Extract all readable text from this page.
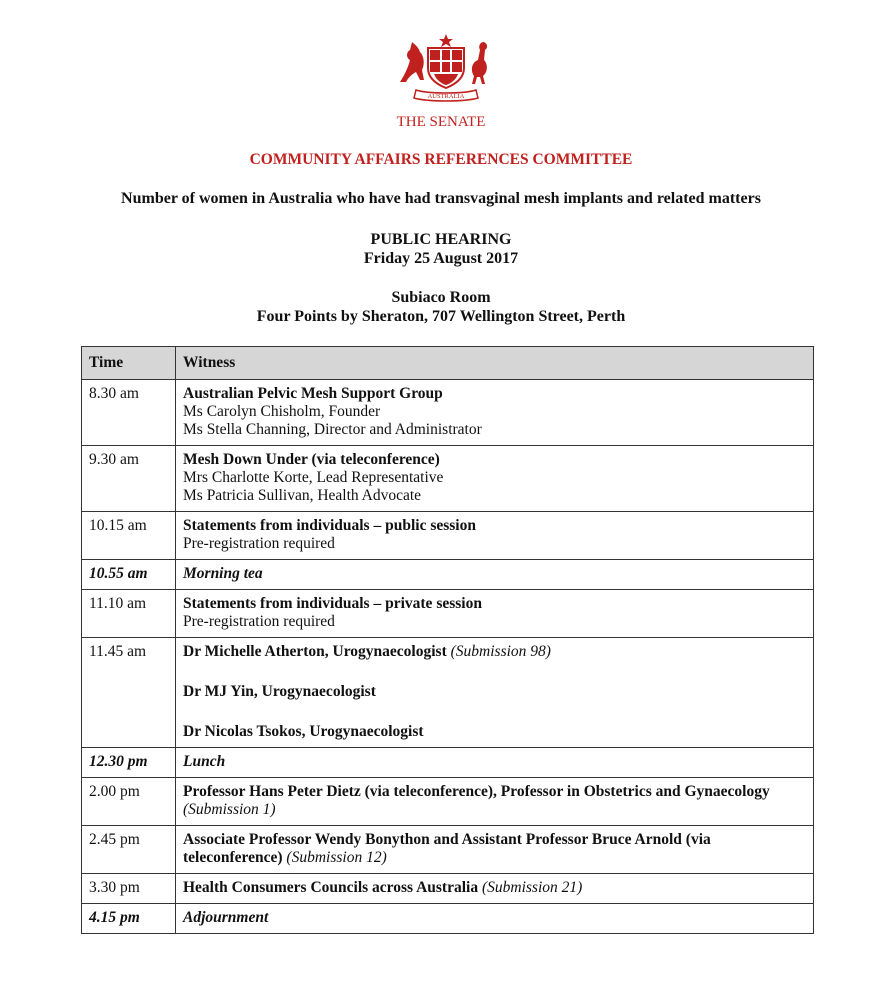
AUSTRALIA
THE SENATE
COMMUNITY AFFAIRS REFERENCES COMMITTEE
Number of women in Australia who have had transvaginal mesh implants and related matters
PUBLIC HEARING
Friday 25 August 2017
Subiaco Room
Four Points by Sheraton, 707 Wellington Street, Perth
Time	Witness
8.30 am	Australian Pelvic Mesh Support Group
Ms Carolyn Chisholm, Founder
Ms Stella Channing, Director and Administrator

9.30 am	Mesh Down Under (via teleconference)
Mrs Charlotte Korte, Lead Representative
Ms Patricia Sullivan, Health Advocate

10.15 am	Statements from individuals – public session
Pre-registration required

10.55 am	Morning tea
11.10 am	Statements from individuals – private session
Pre-registration required

11.45 am	Dr Michelle Atherton, Urogynaecologist (Submission 98)
Dr MJ Yin, Urogynaecologist
Dr Nicolas Tsokos, Urogynaecologist

12.30 pm	Lunch
2.00 pm	Professor Hans Peter Dietz (via teleconference), Professor in Obstetrics and Gynaecology (Submission 1)
2.45 pm	Associate Professor Wendy Bonython and Assistant Professor Bruce Arnold (via teleconference) (Submission 12)
3.30 pm	Health Consumers Councils across Australia (Submission 21)
4.15 pm	Adjournment
